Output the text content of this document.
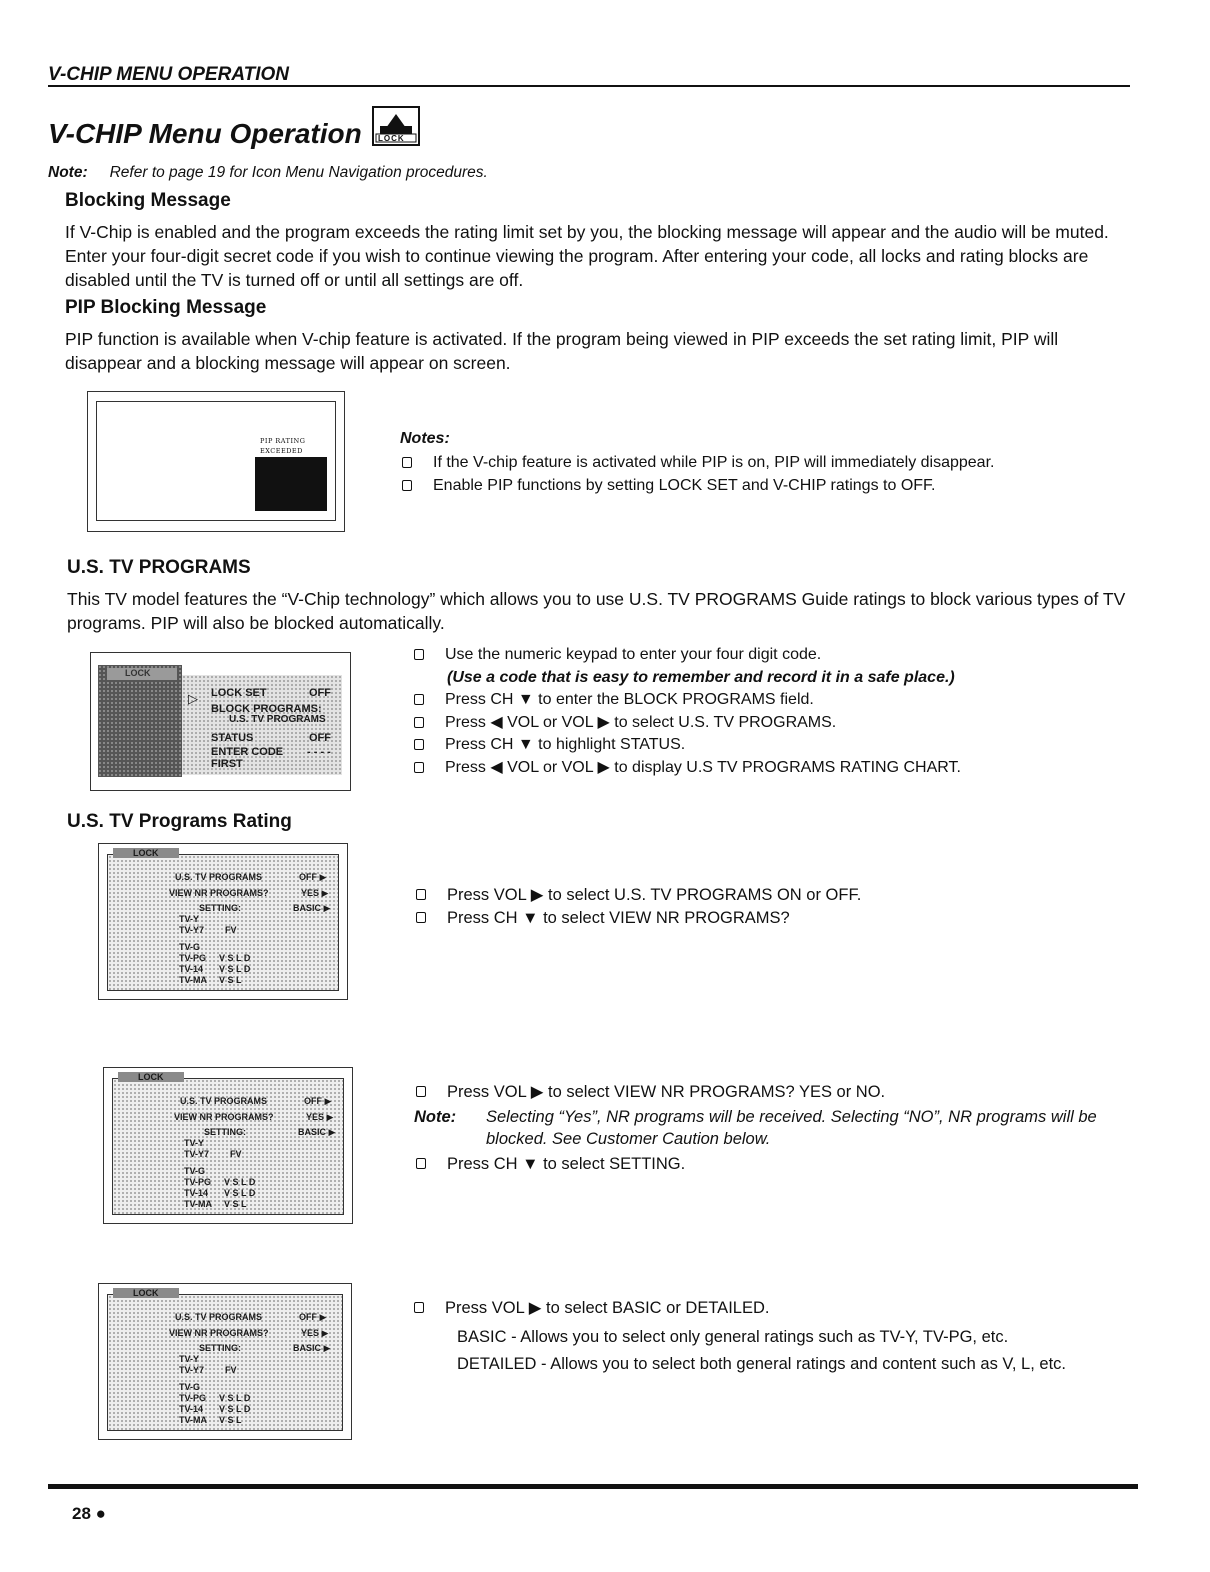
V-CHIP MENU OPERATION
V-CHIP Menu Operation LOCK
Note: Refer to page 19 for Icon Menu Navigation procedures.
Blocking Message
If V-Chip is enabled and the program exceeds the rating limit set by you, the blocking message will appear and the audio will be muted. Enter your four-digit secret code if you wish to continue viewing the program. After entering your code, all locks and rating blocks are disabled until the TV is turned off or until all settings are off.
PIP Blocking Message
PIP function is available when V-chip feature is activated. If the program being viewed in PIP exceeds the set rating limit, PIP will disappear and a blocking message will appear on screen.
PIP RATING
EXCEEDED
Notes:
If the V-chip feature is activated while PIP is on, PIP will immediately disappear.
Enable PIP functions by setting LOCK SET and V-CHIP ratings to OFF.
U.S. TV PROGRAMS
This TV model features the “V-Chip technology” which allows you to use U.S. TV PROGRAMS Guide ratings to block various types of TV programs. PIP will also be blocked automatically.
LOCK
▷ LOCK SET	OFF
BLOCK PROGRAMS:
U.S. TV PROGRAMS
STATUS	OFF
ENTER CODE - - - -
FIRST
Use the numeric keypad to enter your four digit code.
(Use a code that is easy to remember and record it in a safe place.)
Press CH ▼ to enter the BLOCK PROGRAMS field.
Press ◀ VOL or VOL ▶ to select U.S. TV PROGRAMS.
Press CH ▼ to highlight STATUS.
Press ◀ VOL or VOL ▶ to display U.S TV PROGRAMS RATING CHART.
U.S. TV Programs Rating
LOCK
U.S. TV PROGRAMS	OFF ▶
VIEW NR PROGRAMS?	YES ▶
SETTING:	BASIC ▶
TV-Y
TV-Y7 FV
TV-G
TV-PG V S L D
TV-14 V S L D
TV-MA V S L
LOCK
U.S. TV PROGRAMS	OFF ▶
VIEW NR PROGRAMS?	YES ▶
SETTING:	BASIC ▶
TV-Y
TV-Y7 FV
TV-G
TV-PG V S L D
TV-14 V S L D
TV-MA V S L
LOCK
U.S. TV PROGRAMS	OFF ▶
VIEW NR PROGRAMS?	YES ▶
SETTING:	BASIC ▶
TV-Y
TV-Y7 FV
TV-G
TV-PG V S L D
TV-14 V S L D
TV-MA V S L
Press VOL ▶ to select U.S. TV PROGRAMS ON or OFF.
Press CH ▼ to select VIEW NR PROGRAMS?
Press VOL ▶ to select VIEW NR PROGRAMS? YES or NO.
Note:	Selecting “Yes”, NR programs will be received. Selecting “NO”, NR programs will be blocked. See Customer Caution below.
Press CH ▼ to select SETTING.
Press VOL ▶ to select BASIC or DETAILED.
BASIC - Allows you to select only general ratings such as TV-Y, TV-PG, etc.
DETAILED - Allows you to select both general ratings and content such as V, L, etc.
28 ●
